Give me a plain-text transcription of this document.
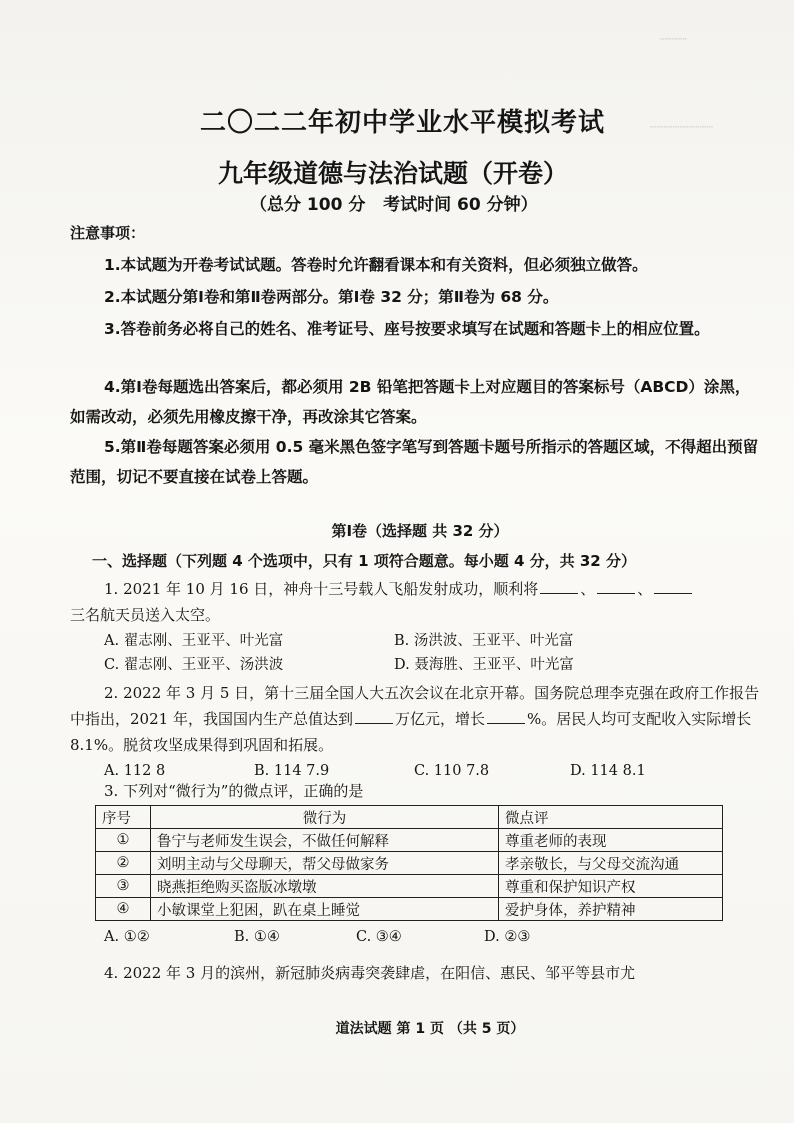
┈┈┈
┈┈┈┈┈┈┈
二〇二二年初中学业水平模拟考试
九年级道德与法治试题（开卷）
（总分 100 分   考试时间 60 分钟）
注意事项：
1.本试题为开卷考试试题。答卷时允许翻看课本和有关资料，但必须独立做答。
2.本试题分第Ⅰ卷和第Ⅱ卷两部分。第Ⅰ卷 32 分；第Ⅱ卷为 68 分。
3.答卷前务必将自己的姓名、准考证号、座号按要求填写在试题和答题卡上的相应位置。
4.第Ⅰ卷每题选出答案后，都必须用 2B 铅笔把答题卡上对应题目的答案标号（ABCD）涂黑，如需改动，必须先用橡皮擦干净，再改涂其它答案。
5.第Ⅱ卷每题答案必须用 0.5 毫米黑色签字笔写到答题卡题号所指示的答题区域，不得超出预留范围，切记不要直接在试卷上答题。
第Ⅰ卷（选择题 共 32 分）
一、选择题（下列题 4 个选项中，只有 1 项符合题意。每小题 4 分，共 32 分）
1. 2021 年 10 月 16 日，神舟十三号载人飞船发射成功，顺利将	、	、
三名航天员送入太空。
A. 翟志刚、王亚平、叶光富	B. 汤洪波、王亚平、叶光富
C. 翟志刚、王亚平、汤洪波	D. 聂海胜、王亚平、叶光富
2. 2022 年 3 月 5 日，第十三届全国人大五次会议在北京开幕。国务院总理李克强在政府工作报告中指出，2021 年，我国国内生产总值达到	万亿元，增长	%。居民人均可支配收入实际增长 8.1%。脱贫攻坚成果得到巩固和拓展。
A. 112 8	B. 114 7.9	C. 110 7.8	D. 114 8.1
3. 下列对“微行为”的微点评，正确的是
序号	微行为	微点评
①	鲁宁与老师发生误会，不做任何解释	尊重老师的表现
②	刘明主动与父母聊天，帮父母做家务	孝亲敬长，与父母交流沟通
③	晓燕拒绝购买盗版冰墩墩	尊重和保护知识产权
④	小敏课堂上犯困，趴在桌上睡觉	爱护身体，养护精神
A. ①②	B. ①④	C. ③④	D. ②③
4. 2022 年 3 月的滨州，新冠肺炎病毒突袭肆虐，在阳信、惠民、邹平等县市尤
道法试题 第 1 页 （共 5 页）
